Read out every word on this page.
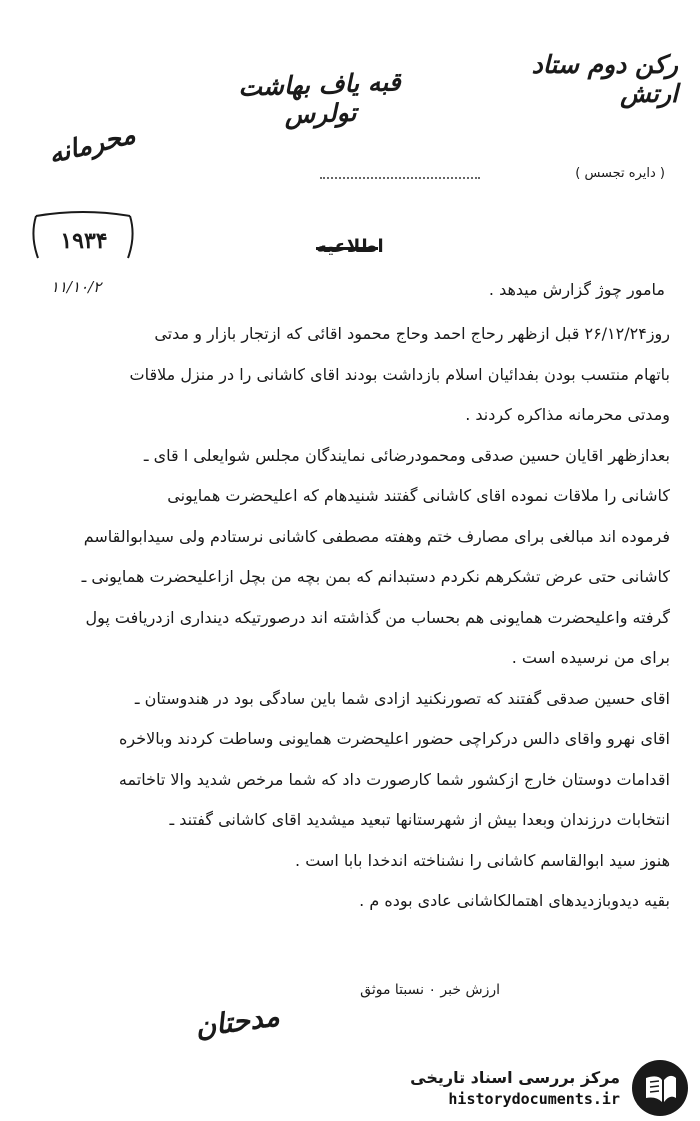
رکن دوم ستاد ارتش
قبه یاف بهاشت تولرس
محرمانه
( دایره تجسس )
۱۹۳۴
۱۱/۱۰/۲
اطلاعیه
مامور چوژ گزارش میدهد .
روز۲۶/۱۲/۲۴ قبل ازظهر رحاج احمد وحاج محمود اقائی که ازتجار بازار و مدتی
باتهام منتسب بودن بفدائیان اسلام بازداشت بودند اقای کاشانی را در منزل ملاقات
ومدتی محرمانه مذاکره کردند .
بعدازظهر اقایان حسین صدقی ومحمودرضائی نمایندگان مجلس شوایعلی ا قای ـ
کاشانی را ملاقات نموده اقای کاشانی گفتند شنیدهام که اعلیحضرت همایونی
فرموده اند مبالغی برای مصارف ختم وهفته مصطفی کاشانی نرستادم ولی سیدابوالقاسم
کاشانی حتی عرض تشکرهم نکردم دستبدانم که بمن بچه من بچل ازاعلیحضرت همایونی ـ
گرفته واعلیحضرت همایونی هم بحساب من گذاشته اند درصورتیکه دینداری ازدریافت پول
برای من نرسیده است .
اقای حسین صدقی گفتند که تصورنکنید ازادی شما باین سادگی بود در هندوستان ـ
اقای نهرو واقای دالس درکراچی حضور اعلیحضرت همایونی وساطت کردند وبالاخره
اقدامات دوستان خارج ازکشور شما کارصورت داد که شما مرخص شدید والا تاخاتمه
انتخابات درزندان وبعدا بیش از شهرستانها تبعید میشدید اقای کاشانی گفتند ـ
هنوز سید ابوالقاسم کاشانی را نشناخته اندخدا بابا است .
بقیه دیدوبازدیدهای اهتمالکاشانی عادی بوده م .
ارزش خبر ۰ نسبتا موثق
مدحتان
مرکز بررسی اسناد تاریخی
historydocuments.ir
